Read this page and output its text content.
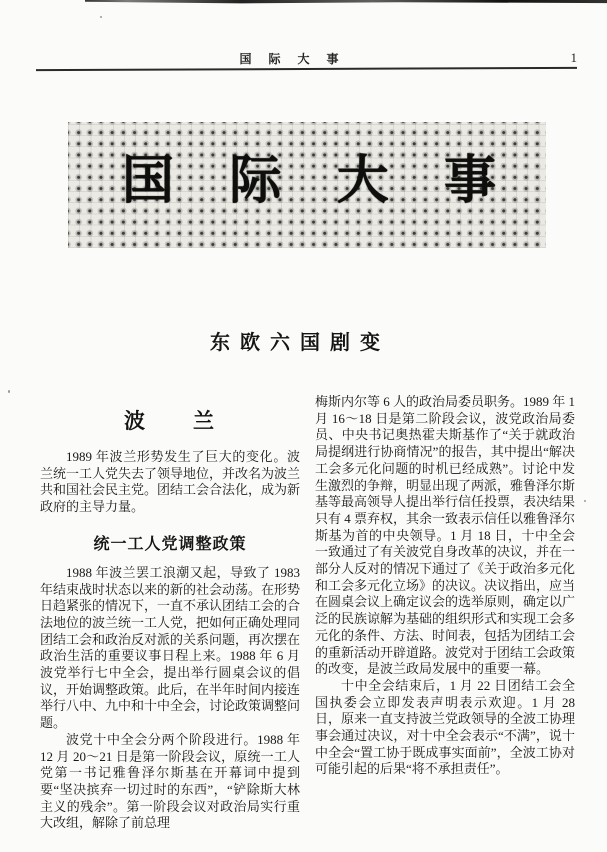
国 际 大 事	1
国 际 大 事
东欧六国剧变
波　　兰

1989 年波兰形势发生了巨大的变化。波兰统一工人党失去了领导地位，并改名为波兰共和国社会民主党。团结工会合法化，成为新政府的主导力量。

统一工人党调整政策

1988 年波兰罢工浪潮又起，导致了 1983 年结束战时状态以来的新的社会动荡。在形势日趋紧张的情况下，一直不承认团结工会的合法地位的波兰统一工人党，把如何正确处理同团结工会和政治反对派的关系问题，再次摆在政治生活的重要议事日程上来。1988 年 6 月波党举行七中全会，提出举行圆桌会议的倡议，开始调整政策。此后，在半年时间内接连举行八中、九中和十中全会，讨论政策调整问题。

波党十中全会分两个阶段进行。1988 年 12 月 20～21 日是第一阶段会议，原统一工人党第一书记雅鲁泽尔斯基在开幕词中提到要“坚决摈弃一切过时的东西”，“铲除斯大林主义的残余”。第一阶段会议对政治局实行重大改组，解除了前总理

梅斯内尔等 6 人的政治局委员职务。1989 年 1 月 16～18 日是第二阶段会议，波党政治局委员、中央书记奥热霍夫斯基作了“关于就政治局提纲进行协商情况”的报告，其中提出“解决工会多元化问题的时机已经成熟”。讨论中发生激烈的争辩，明显出现了两派，雅鲁泽尔斯基等最高领导人提出举行信任投票，表决结果只有 4 票弃权，其余一致表示信任以雅鲁泽尔斯基为首的中央领导。1 月 18 日，十中全会一致通过了有关波党自身改革的决议，并在一部分人反对的情况下通过了《关于政治多元化和工会多元化立场》的决议。决议指出，应当在圆桌会议上确定议会的选举原则，确定以广泛的民族谅解为基础的组织形式和实现工会多元化的条件、方法、时间表，包括为团结工会的重新活动开辟道路。波党对于团结工会政策的改变，是波兰政局发展中的重要一幕。

十中全会结束后，1 月 22 日团结工会全国执委会立即发表声明表示欢迎。1 月 28 日，原来一直支持波兰党政领导的全波工协理事会通过决议，对十中全会表示“不满”，说十中全会“置工协于既成事实面前”，全波工协对可能引起的后果“将不承担责任”。
